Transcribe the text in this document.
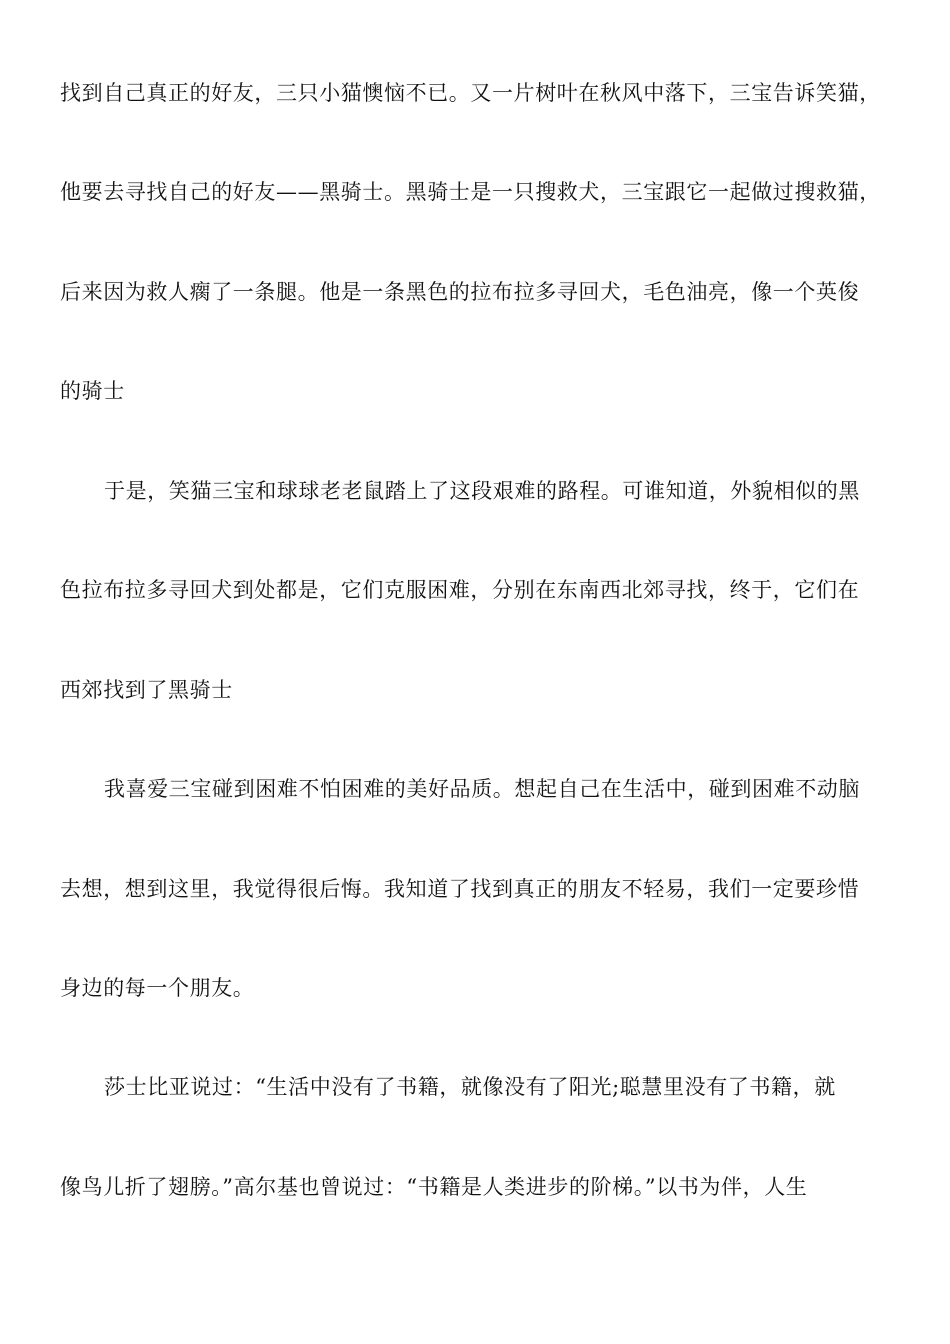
找到自己真正的好友，三只小猫懊恼不已。又一片树叶在秋风中落下，三宝告诉笑猫，
他要去寻找自己的好友——黑骑士。黑骑士是一只搜救犬，三宝跟它一起做过搜救猫，
后来因为救人瘸了一条腿。他是一条黑色的拉布拉多寻回犬，毛色油亮，像一个英俊
的骑士
于是，笑猫三宝和球球老老鼠踏上了这段艰难的路程。可谁知道，外貌相似的黑
色拉布拉多寻回犬到处都是，它们克服困难，分别在东南西北郊寻找，终于，它们在
西郊找到了黑骑士
我喜爱三宝碰到困难不怕困难的美好品质。想起自己在生活中，碰到困难不动脑
去想，想到这里，我觉得很后悔。我知道了找到真正的朋友不轻易，我们一定要珍惜
身边的每一个朋友。
莎士比亚说过：“生活中没有了书籍，就像没有了阳光;聪慧里没有了书籍，就
像鸟儿折了翅膀。”高尔基也曾说过：“书籍是人类进步的阶梯。”以书为伴，人生
